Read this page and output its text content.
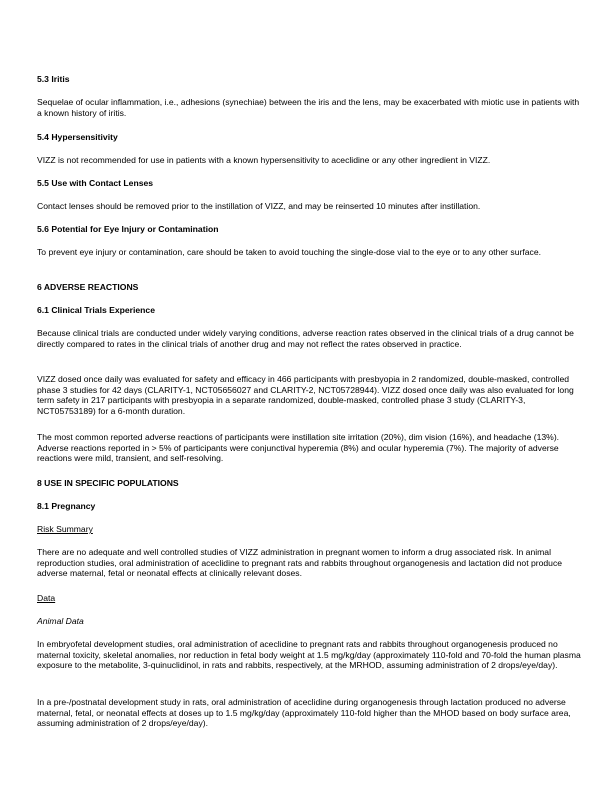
5.3 Iritis

Sequelae of ocular inflammation, i.e., adhesions (synechiae) between the iris and the lens, may be exacerbated with miotic use in patients with a known history of iritis.

5.4 Hypersensitivity

VIZZ is not recommended for use in patients with a known hypersensitivity to aceclidine or any other ingredient in VIZZ.

5.5 Use with Contact Lenses

Contact lenses should be removed prior to the instillation of VIZZ, and may be reinserted 10 minutes after instillation.

5.6 Potential for Eye Injury or Contamination

To prevent eye injury or contamination, care should be taken to avoid touching the single-dose vial to the eye or to any other surface.

6 ADVERSE REACTIONS

6.1 Clinical Trials Experience

Because clinical trials are conducted under widely varying conditions, adverse reaction rates observed in the clinical trials of a drug cannot be directly compared to rates in the clinical trials of another drug and may not reflect the rates observed in practice.

VIZZ dosed once daily was evaluated for safety and efficacy in 466 participants with presbyopia in 2 randomized, double-masked, controlled phase 3 studies for 42 days (CLARITY-1, NCT05656027 and CLARITY-2, NCT05728944). VIZZ dosed once daily was also evaluated for long term safety in 217 participants with presbyopia in a separate randomized, double-masked, controlled phase 3 study (CLARITY-3, NCT05753189) for a 6-month duration.

The most common reported adverse reactions of participants were instillation site irritation (20%), dim vision (16%), and headache (13%). Adverse reactions reported in > 5% of participants were conjunctival hyperemia (8%) and ocular hyperemia (7%). The majority of adverse reactions were mild, transient, and self-resolving.

8 USE IN SPECIFIC POPULATIONS

8.1 Pregnancy

Risk Summary

There are no adequate and well controlled studies of VIZZ administration in pregnant women to inform a drug associated risk. In animal reproduction studies, oral administration of aceclidine to pregnant rats and rabbits throughout organogenesis and lactation did not produce adverse maternal, fetal or neonatal effects at clinically relevant doses.

Data

Animal Data

In embryofetal development studies, oral administration of aceclidine to pregnant rats and rabbits throughout organogenesis produced no maternal toxicity, skeletal anomalies, nor reduction in fetal body weight at 1.5 mg/kg/day (approximately 110-fold and 70-fold the human plasma exposure to the metabolite, 3-quinuclidinol, in rats and rabbits, respectively, at the MRHOD, assuming administration of 2 drops/eye/day).

In a pre-/postnatal development study in rats, oral administration of aceclidine during organogenesis through lactation produced no adverse maternal, fetal, or neonatal effects at doses up to 1.5 mg/kg/day (approximately 110-fold higher than the MHOD based on body surface area, assuming administration of 2 drops/eye/day).
